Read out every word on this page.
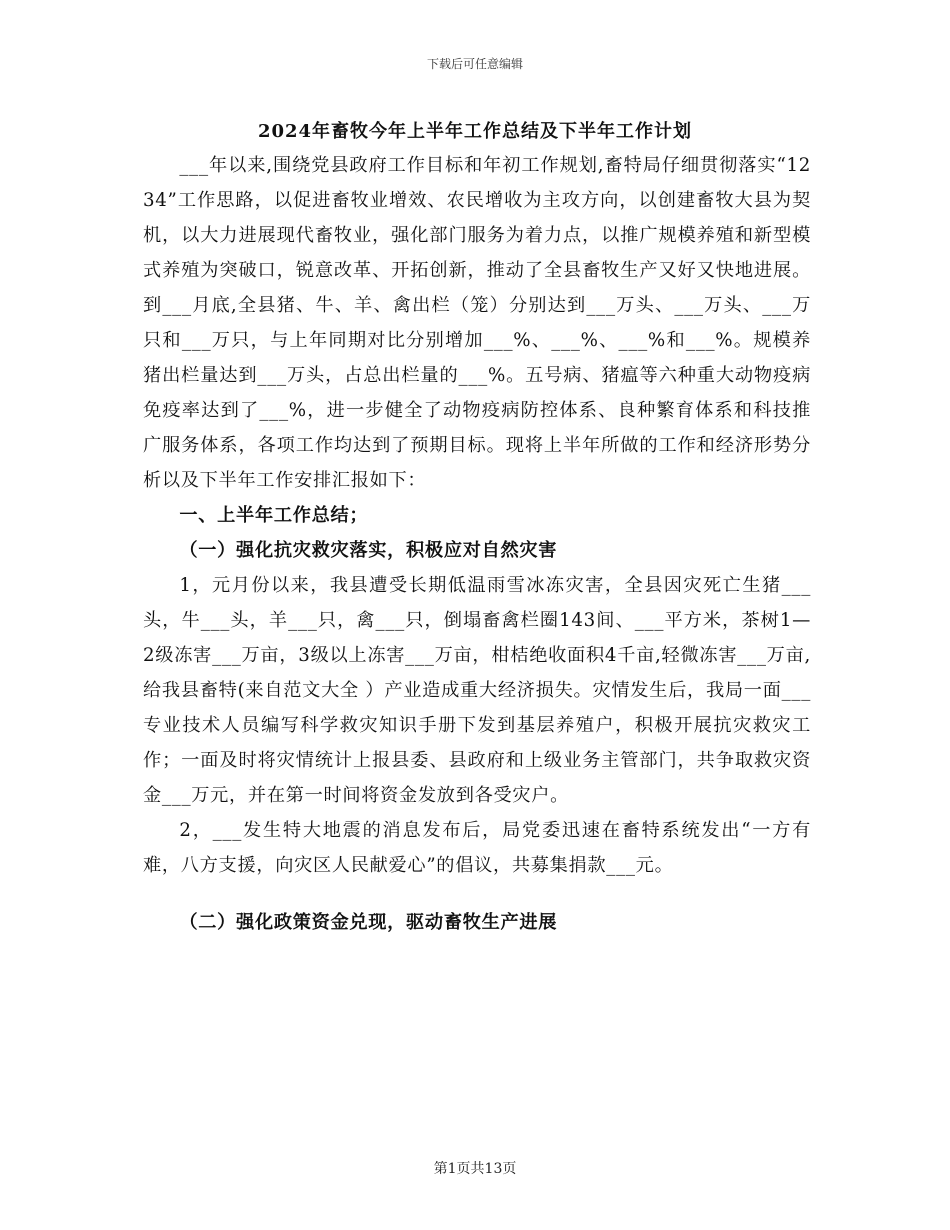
下载后可任意编辑
2024年畜牧今年上半年工作总结及下半年工作计划

___年以来,围绕党县政府工作目标和年初工作规划,畜特局仔细贯彻落实“1234”工作思路，以促进畜牧业增效、农民增收为主攻方向，以创建畜牧大县为契机，以大力进展现代畜牧业，强化部门服务为着力点，以推广规模养殖和新型模式养殖为突破口，锐意改革、开拓创新，推动了全县畜牧生产又好又快地进展。到___月底,全县猪、牛、羊、禽出栏（笼）分别达到___万头、___万头、___万只和___万只，与上年同期对比分别增加___%、___%、___%和___%。规模养猪出栏量达到___万头，占总出栏量的___%。五号病、猪瘟等六种重大动物疫病免疫率达到了___%，进一步健全了动物疫病防控体系、良种繁育体系和科技推广服务体系，各项工作均达到了预期目标。现将上半年所做的工作和经济形势分析以及下半年工作安排汇报如下：

一、上半年工作总结；

（一）强化抗灾救灾落实，积极应对自然灾害

1，元月份以来，我县遭受长期低温雨雪冰冻灾害，全县因灾死亡生猪___头，牛___头，羊___只，禽___只，倒塌畜禽栏圈143间、___平方米，茶树1—2级冻害___万亩，3级以上冻害___万亩，柑桔绝收面积4千亩,轻微冻害___万亩,给我县畜特(来自范文大全 ）产业造成重大经济损失。灾情发生后，我局一面___专业技术人员编写科学救灾知识手册下发到基层养殖户，积极开展抗灾救灾工作；一面及时将灾情统计上报县委、县政府和上级业务主管部门，共争取救灾资金___万元，并在第一时间将资金发放到各受灾户。

2，___发生特大地震的消息发布后，局党委迅速在畜特系统发出“一方有难，八方支援，向灾区人民献爱心”的倡议，共募集捐款___元。

（二）强化政策资金兑现，驱动畜牧生产进展

第1页共13页
